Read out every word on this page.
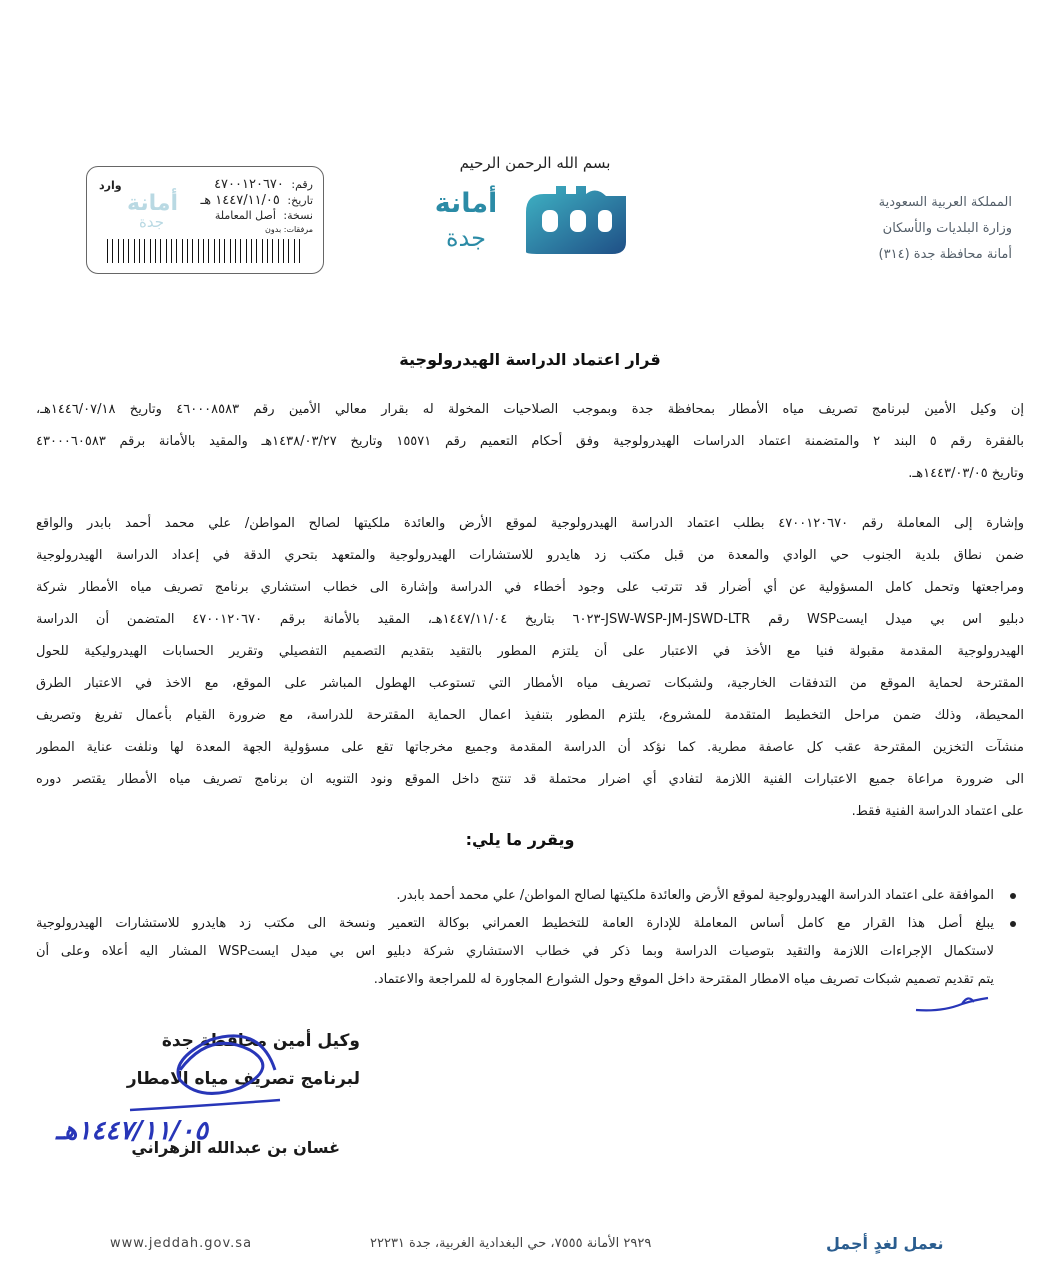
المملكة العربية السعودية
وزارة البلديات والأسكان
أمانة محافظة جدة (٣١٤)
بسم الله الرحمن الرحيم
أمانة
جدة
أمانة
جدة
رقم: ٤٧٠٠١٢٠٦٧٠
وارد
تاريخ: ١٤٤٧/١١/٠٥ هـ
نسخة: أصل المعاملة
مرفقات: بدون
قرار اعتماد الدراسة الهيدرولوجية
إن وكيل الأمين لبرنامج تصريف مياه الأمطار بمحافظة جدة وبموجب الصلاحيات المخولة له بقرار معالي الأمين رقم ٤٦٠٠٠٨٥٨٣ وتاريخ ١٤٤٦/٠٧/١٨هـ،
بالفقرة رقم ٥ البند ٢ والمتضمنة اعتماد الدراسات الهيدرولوجية وفق أحكام التعميم رقم ١٥٥٧١ وتاريخ ١٤٣٨/٠٣/٢٧هـ والمقيد بالأمانة برقم ٤٣٠٠٠٦٠٥٨٣
وتاريخ ١٤٤٣/٠٣/٠٥هـ.
وإشارة إلى المعاملة رقم ٤٧٠٠١٢٠٦٧٠ بطلب اعتماد الدراسة الهيدرولوجية لموقع الأرض والعائدة ملكيتها لصالح المواطن/ علي محمد أحمد بابدر والواقع
ضمن نطاق بلدية الجنوب حي الوادي والمعدة من قبل مكتب زد هايدرو للاستشارات الهيدرولوجية والمتعهد بتحري الدقة في إعداد الدراسة الهيدرولوجية
ومراجعتها وتحمل كامل المسؤولية عن أي أضرار قد تترتب على وجود أخطاء في الدراسة وإشارة الى خطاب استشاري برنامج تصريف مياه الأمطار شركة
دبليو اس بي ميدل ايستWSP رقم JSW-WSP-JM-JSWD-LTR-٦٠٢٣ بتاريخ ١٤٤٧/١١/٠٤هـ، المقيد بالأمانة برقم ٤٧٠٠١٢٠٦٧٠ المتضمن أن الدراسة
الهيدرولوجية المقدمة مقبولة فنيا مع الأخذ في الاعتبار على أن يلتزم المطور بالتقيد بتقديم التصميم التفصيلي وتقرير الحسابات الهيدروليكية للحول
المقترحة لحماية الموقع من التدفقات الخارجية، ولشبكات تصريف مياه الأمطار التي تستوعب الهطول المباشر على الموقع، مع الاخذ في الاعتبار الطرق
المحيطة، وذلك ضمن مراحل التخطيط المتقدمة للمشروع، يلتزم المطور بتنفيذ اعمال الحماية المقترحة للدراسة، مع ضرورة القيام بأعمال تفريغ وتصريف
منشآت التخزين المقترحة عقب كل عاصفة مطرية. كما نؤكد أن الدراسة المقدمة وجميع مخرجاتها تقع على مسؤولية الجهة المعدة لها ونلفت عناية المطور
الى ضرورة مراعاة جميع الاعتبارات الفنية اللازمة لتفادي أي اضرار محتملة قد تنتج داخل الموقع ونود التنويه ان برنامج تصريف مياه الأمطار يقتصر دوره
على اعتماد الدراسة الفنية فقط.
ويقرر ما يلي:
الموافقة على اعتماد الدراسة الهيدرولوجية لموقع الأرض والعائدة ملكيتها لصالح المواطن/ علي محمد أحمد بابدر.
يبلغ أصل هذا القرار مع كامل أساس المعاملة للإدارة العامة للتخطيط العمراني بوكالة التعمير ونسخة الى مكتب زد هايدرو للاستشارات الهيدرولوجية
لاستكمال الإجراءات اللازمة والتقيد بتوصيات الدراسة وبما ذكر في خطاب الاستشاري شركة دبليو اس بي ميدل ايستWSP المشار اليه أعلاه وعلى أن
يتم تقديم تصميم شبكات تصريف مياه الامطار المقترحة داخل الموقع وحول الشوارع المجاورة له للمراجعة والاعتماد.
وكيل أمين محافظة جدة
لبرنامج تصريف مياه الامطار
١٤٤٧/١١/٠٥هـ
غسان بن عبدالله الزهراني
نعمل لغدٍ أجمل
٢٩٢٩ الأمانة ٧٥٥٥، حي البغدادية الغربية، جدة ٢٢٢٣١
www.jeddah.gov.sa
